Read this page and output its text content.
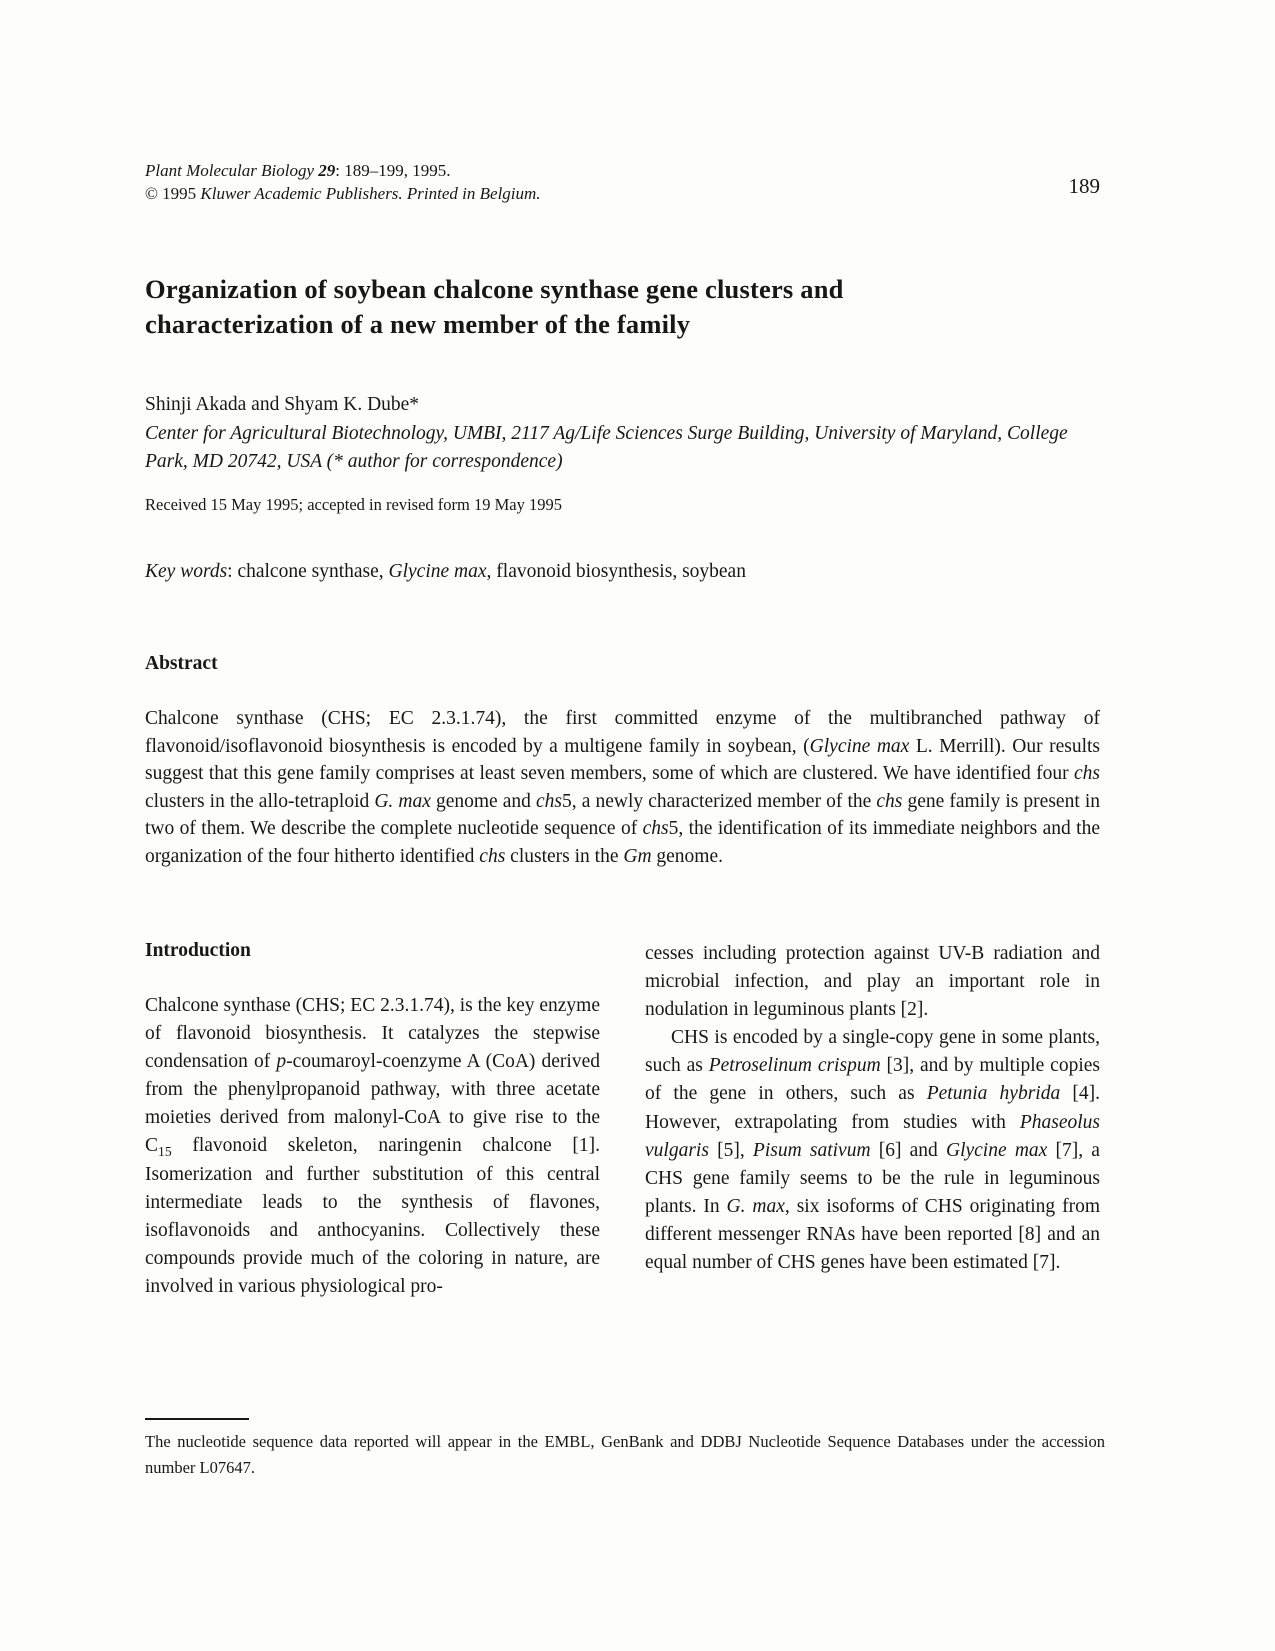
Plant Molecular Biology 29: 189–199, 1995.
© 1995 Kluwer Academic Publishers. Printed in Belgium.	189
Organization of soybean chalcone synthase gene clusters and characterization of a new member of the family
Shinji Akada and Shyam K. Dube*
Center for Agricultural Biotechnology, UMBI, 2117 Ag/Life Sciences Surge Building, University of Maryland, College Park, MD 20742, USA (* author for correspondence)
Received 15 May 1995; accepted in revised form 19 May 1995
Key words: chalcone synthase, Glycine max, flavonoid biosynthesis, soybean
Abstract

Chalcone synthase (CHS; EC 2.3.1.74), the first committed enzyme of the multibranched pathway of flavonoid/isoflavonoid biosynthesis is encoded by a multigene family in soybean, (Glycine max L. Merrill). Our results suggest that this gene family comprises at least seven members, some of which are clustered. We have identified four chs clusters in the allo-tetraploid G. max genome and chs5, a newly characterized member of the chs gene family is present in two of them. We describe the complete nucleotide sequence of chs5, the identification of its immediate neighbors and the organization of the four hitherto identified chs clusters in the Gm genome.

Introduction

Chalcone synthase (CHS; EC 2.3.1.74), is the key enzyme of flavonoid biosynthesis. It catalyzes the stepwise condensation of p-coumaroyl-coenzyme A (CoA) derived from the phenylpropanoid pathway, with three acetate moieties derived from malonyl-CoA to give rise to the $C_{15}$ flavonoid skeleton, naringenin chalcone [1]. Isomerization and further substitution of this central intermediate leads to the synthesis of flavones, isoflavonoids and anthocyanins. Collectively these compounds provide much of the coloring in nature, are involved in various physiological pro-

cesses including protection against UV-B radiation and microbial infection, and play an important role in nodulation in leguminous plants [2].

CHS is encoded by a single-copy gene in some plants, such as Petroselinum crispum [3], and by multiple copies of the gene in others, such as Petunia hybrida [4]. However, extrapolating from studies with Phaseolus vulgaris [5], Pisum sativum [6] and Glycine max [7], a CHS gene family seems to be the rule in leguminous plants. In G. max, six isoforms of CHS originating from different messenger RNAs have been reported [8] and an equal number of CHS genes have been estimated [7].

The nucleotide sequence data reported will appear in the EMBL, GenBank and DDBJ Nucleotide Sequence Databases under the accession number L07647.
